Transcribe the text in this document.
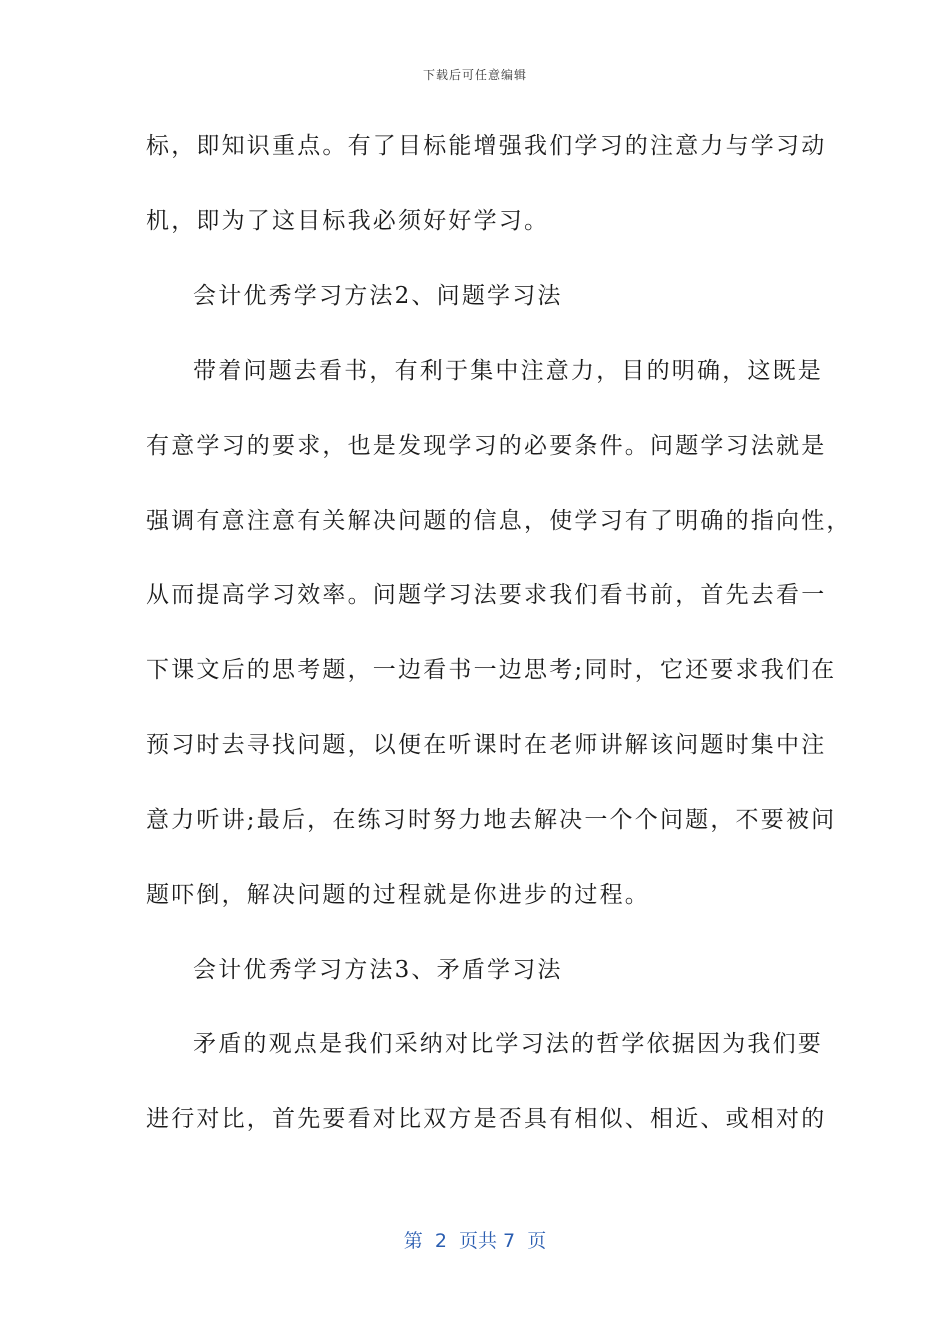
下载后可任意编辑
标，即知识重点。有了目标能增强我们学习的注意力与学习动
机，即为了这目标我必须好好学习。
会计优秀学习方法2、问题学习法
带着问题去看书，有利于集中注意力，目的明确，这既是
有意学习的要求，也是发现学习的必要条件。问题学习法就是
强调有意注意有关解决问题的信息，使学习有了明确的指向性，
从而提高学习效率。问题学习法要求我们看书前，首先去看一
下课文后的思考题，一边看书一边思考;同时，它还要求我们在
预习时去寻找问题，以便在听课时在老师讲解该问题时集中注
意力听讲;最后，在练习时努力地去解决一个个问题，不要被问
题吓倒，解决问题的过程就是你进步的过程。
会计优秀学习方法3、矛盾学习法
矛盾的观点是我们采纳对比学习法的哲学依据因为我们要
进行对比，首先要看对比双方是否具有相似、相近、或相对的
第  2  页共 7  页
